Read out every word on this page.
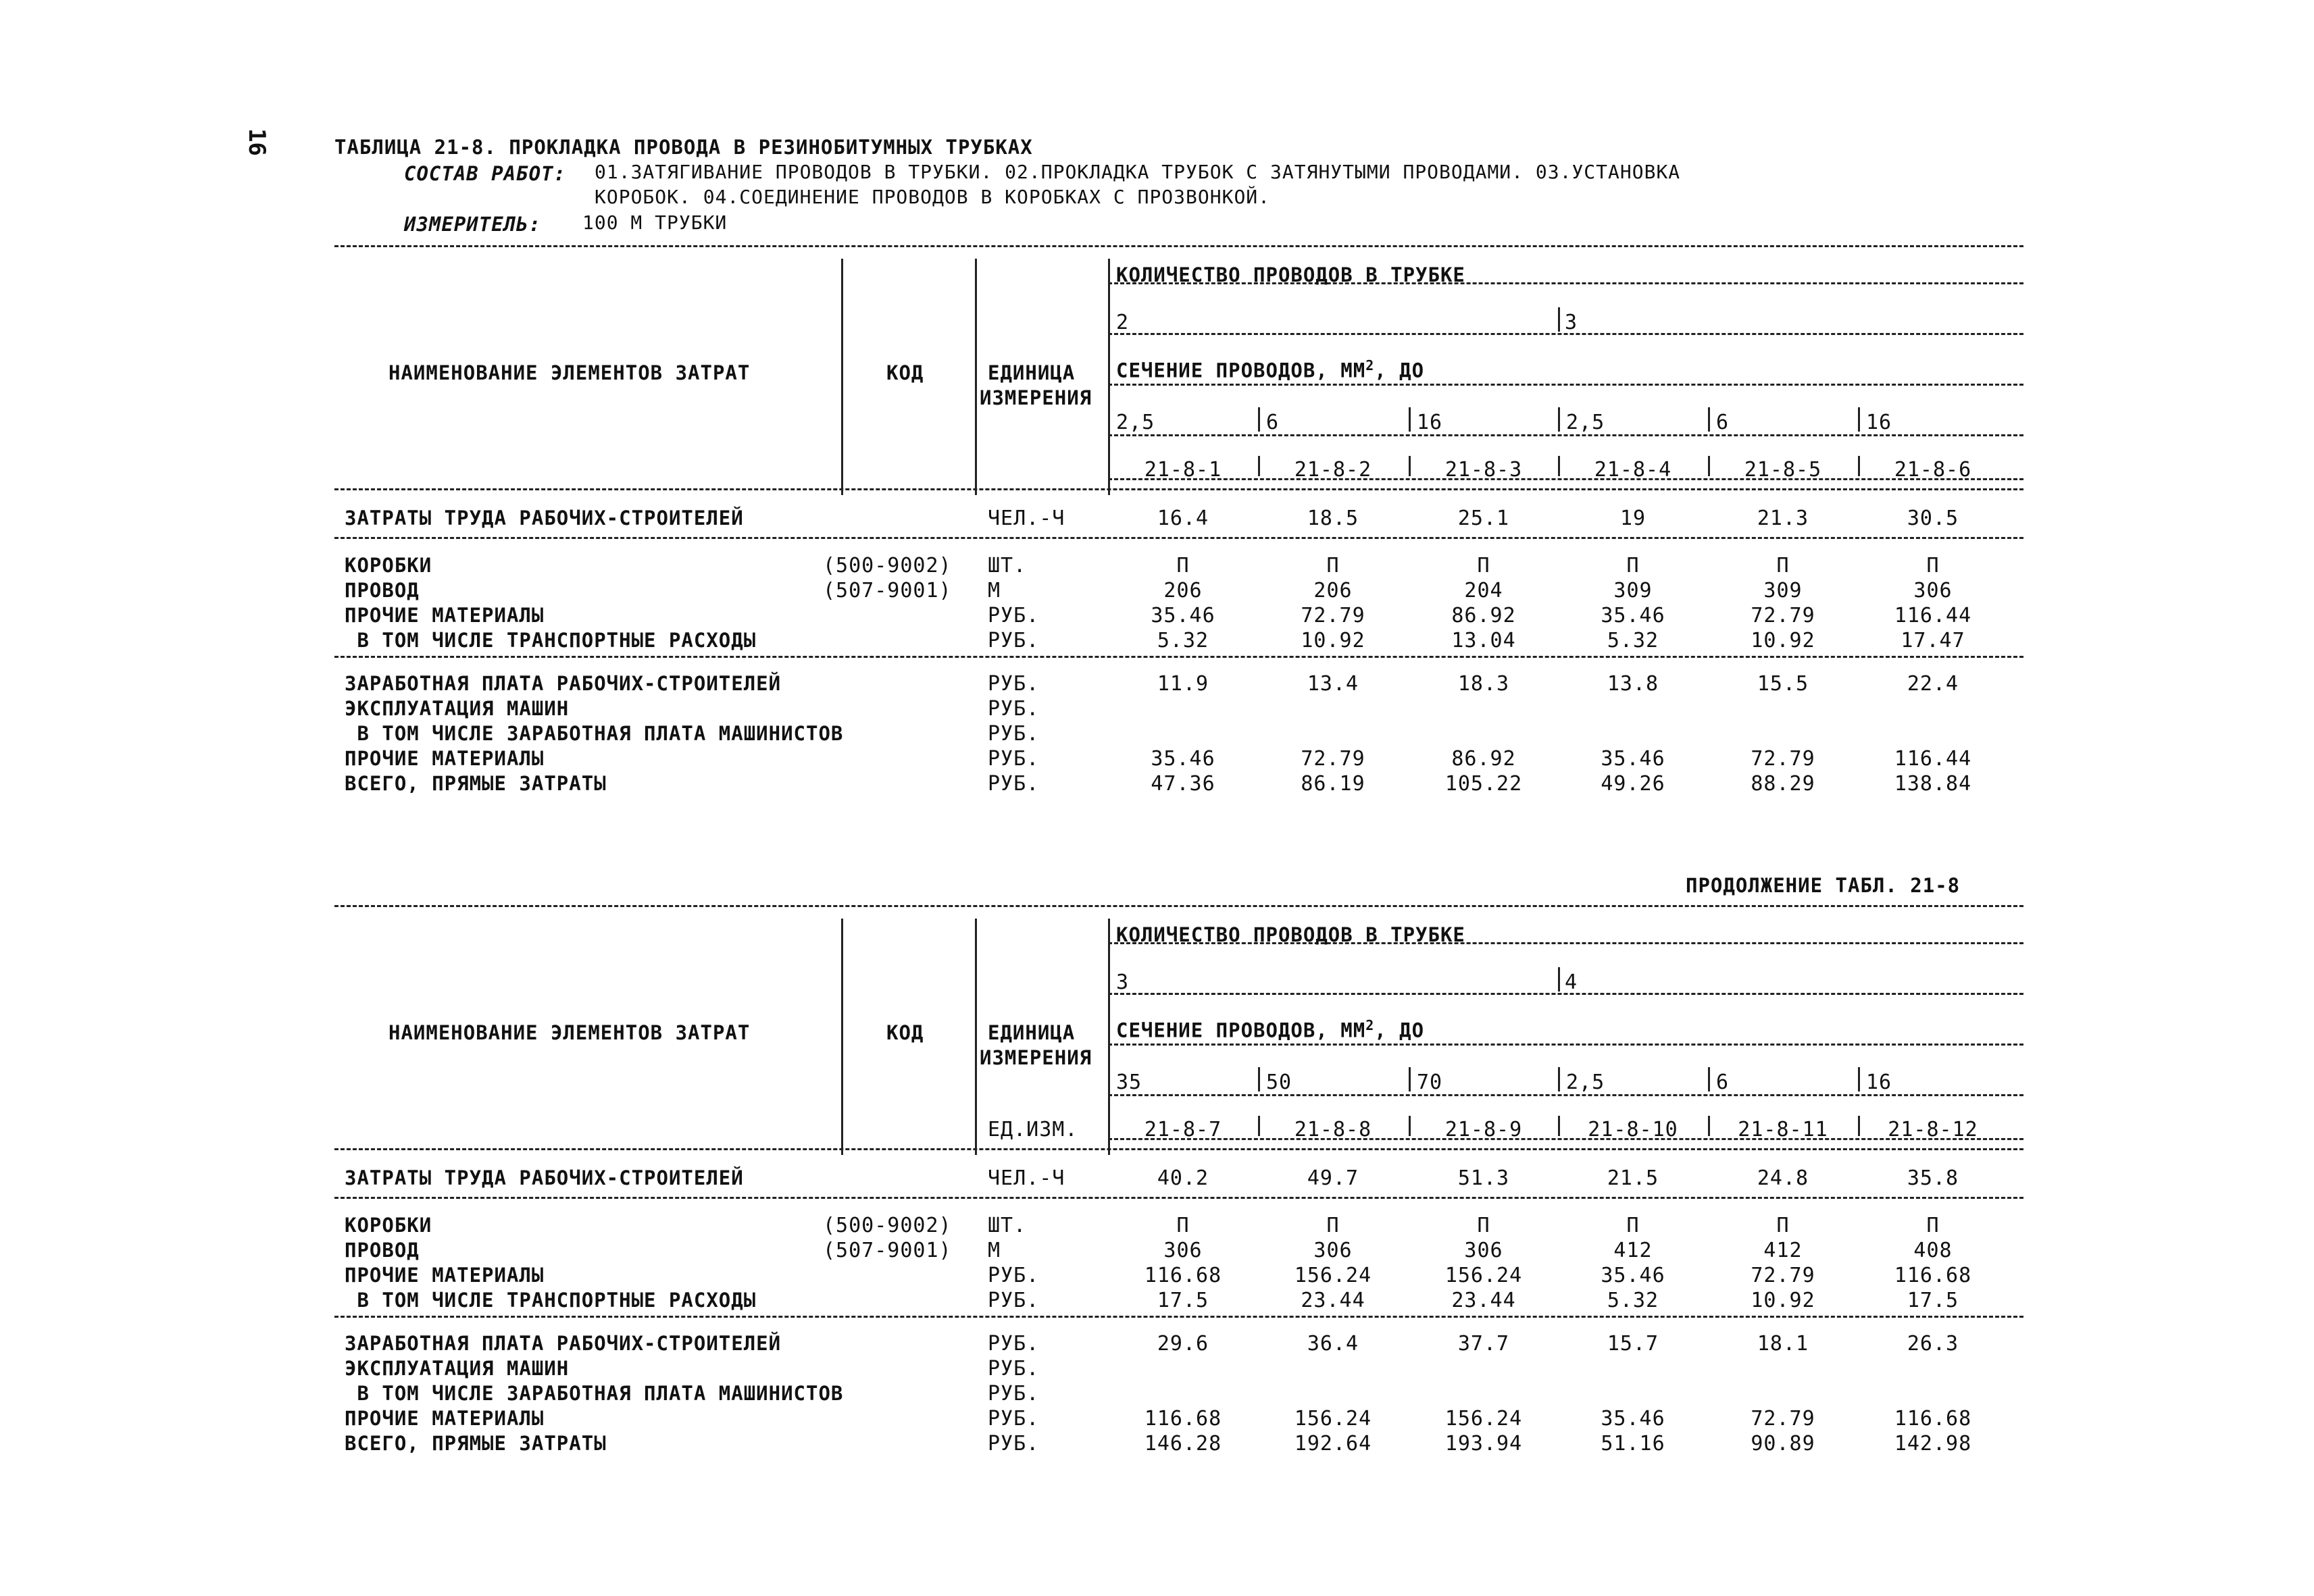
16	ТАБЛИЦА 21-8. ПРОКЛАДКА ПРОВОДА В РЕЗИНОБИТУМНЫХ ТРУБКАХ
СОСТАВ РАБОТ: 01.ЗАТЯГИВАНИЕ ПРОВОДОВ В ТРУБКИ. 02.ПРОКЛАДКА ТРУБОК С ЗАТЯНУТЫМИ ПРОВОДАМИ. 03.УСТАНОВКА
КОРОБОК. 04.СОЕДИНЕНИЕ ПРОВОДОВ В КОРОБКАХ С ПРОЗВОНКОЙ.
ИЗМЕРИТЕЛЬ: 100 М ТРУБКИ
ПРОДОЛЖЕНИЕ ТАБЛ. 21-8
НАИМЕНОВАНИЕ ЭЛЕМЕНТОВ ЗАТРАТ	КОД	ЕДИНИЦА
ИЗМЕРЕНИЯ
КОЛИЧЕСТВО ПРОВОДОВ В ТРУБКЕ
2	3
СЕЧЕНИЕ ПРОВОДОВ, $ММ^2$, ДО
2,5	6	16	2,5	6	16
21-8-1	21-8-2	21-8-3	21-8-4	21-8-5	21-8-6
ЗАТРАТЫ ТРУДА РАБОЧИХ-СТРОИТЕЛЕЙ	ЧЕЛ.-Ч	16.4	18.5	25.1	19	21.3	30.5
КОРОБКИ	(500-9002) ШТ.	П	П	П	П	П	П
ПРОВОД	(507-9001) М	206	206	204	309	309	306
ПРОЧИЕ МАТЕРИАЛЫ	РУБ.	35.46	72.79	86.92	35.46	72.79	116.44
В ТОМ ЧИСЛЕ ТРАНСПОРТНЫЕ РАСХОДЫ	РУБ.	5.32	10.92	13.04	5.32	10.92	17.47
ЗАРАБОТНАЯ ПЛАТА РАБОЧИХ-СТРОИТЕЛЕЙ	РУБ.	11.9	13.4	18.3	13.8	15.5	22.4
ЭКСПЛУАТАЦИЯ МАШИН	РУБ.
В ТОМ ЧИСЛЕ ЗАРАБОТНАЯ ПЛАТА МАШИНИСТОВ	РУБ.
ПРОЧИЕ МАТЕРИАЛЫ	РУБ.	35.46	72.79	86.92	35.46	72.79	116.44
ВСЕГО, ПРЯМЫЕ ЗАТРАТЫ	РУБ.	47.36	86.19	105.22	49.26	88.29	138.84
НАИМЕНОВАНИЕ ЭЛЕМЕНТОВ ЗАТРАТ	КОД	ЕДИНИЦА
ИЗМЕРЕНИЯ
КОЛИЧЕСТВО ПРОВОДОВ В ТРУБКЕ
3	4
СЕЧЕНИЕ ПРОВОДОВ, $ММ^2$, ДО
35	50	70	2,5	6	16
21-8-7	21-8-8	21-8-9	21-8-10	21-8-11	21-8-12
ЕД.ИЗМ.
ЗАТРАТЫ ТРУДА РАБОЧИХ-СТРОИТЕЛЕЙ	ЧЕЛ.-Ч	40.2	49.7	51.3	21.5	24.8	35.8
КОРОБКИ	(500-9002) ШТ.	П	П	П	П	П	П
ПРОВОД	(507-9001) М	306	306	306	412	412	408
ПРОЧИЕ МАТЕРИАЛЫ	РУБ.	116.68	156.24	156.24	35.46	72.79	116.68
В ТОМ ЧИСЛЕ ТРАНСПОРТНЫЕ РАСХОДЫ	РУБ.	17.5	23.44	23.44	5.32	10.92	17.5
ЗАРАБОТНАЯ ПЛАТА РАБОЧИХ-СТРОИТЕЛЕЙ	РУБ.	29.6	36.4	37.7	15.7	18.1	26.3
ЭКСПЛУАТАЦИЯ МАШИН	РУБ.
В ТОМ ЧИСЛЕ ЗАРАБОТНАЯ ПЛАТА МАШИНИСТОВ	РУБ.
ПРОЧИЕ МАТЕРИАЛЫ	РУБ.	116.68	156.24	156.24	35.46	72.79	116.68
ВСЕГО, ПРЯМЫЕ ЗАТРАТЫ	РУБ.	146.28	192.64	193.94	51.16	90.89	142.98
